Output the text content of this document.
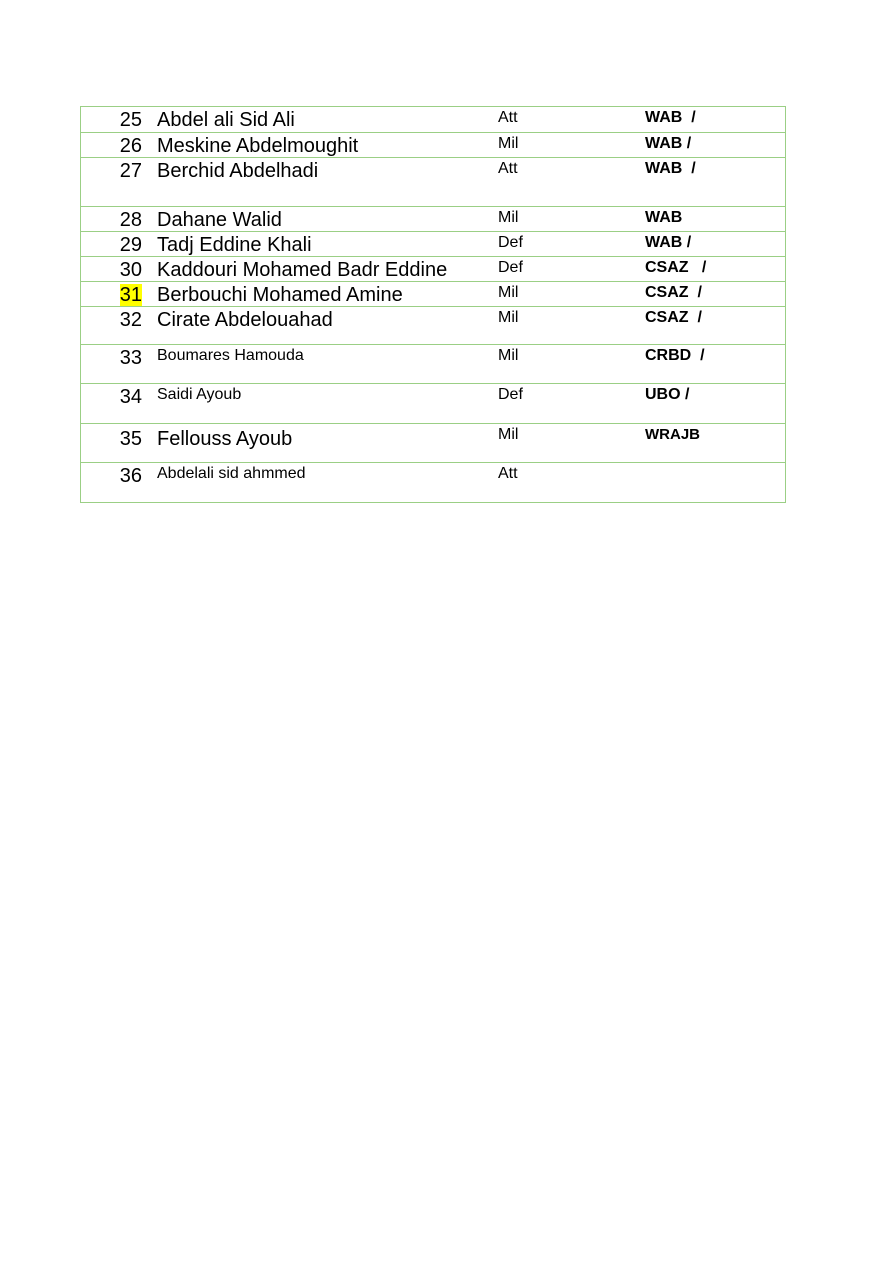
25 Abdel ali Sid Ali	Att	WAB  /
26 Meskine Abdelmoughit	Mil	WAB /
27 Berchid Abdelhadi	Att	WAB  /
28 Dahane Walid	Mil	WAB
29 Tadj Eddine Khali	Def	WAB /
30 Kaddouri Mohamed Badr Eddine	Def	CSAZ   /
31 Berbouchi Mohamed Amine	Mil	CSAZ  /
32 Cirate Abdelouahad	Mil	CSAZ  /
33 Boumares Hamouda	Mil	CRBD  /
34 Saidi Ayoub	Def	UBO /
35 Fellouss Ayoub	Mil	WRAJB
36 Abdelali sid ahmmed	Att
